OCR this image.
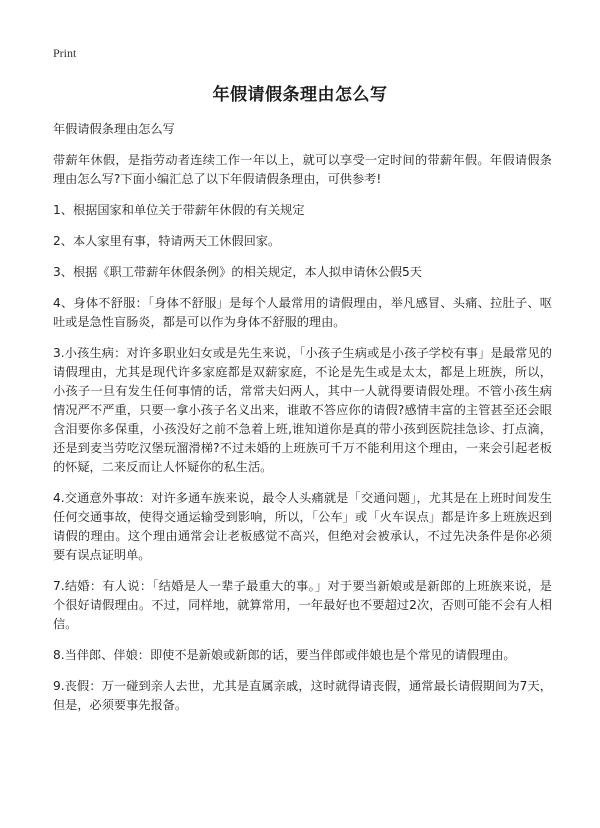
Print
年假请假条理由怎么写

年假请假条理由怎么写

带薪年休假，是指劳动者连续工作一年以上，就可以享受一定时间的带薪年假。年假请假条理由怎么写?下面小编汇总了以下年假请假条理由，可供参考!

1、根据国家和单位关于带薪年休假的有关规定

2、本人家里有事，特请两天工休假回家。

3、根据《职工带薪年休假条例》的相关规定，本人拟申请休公假5天

4、身体不舒服：「身体不舒服」是每个人最常用的请假理由，举凡感冒、头痛、拉肚子、呕吐或是急性盲肠炎，都是可以作为身体不舒服的理由。

3.小孩生病：对许多职业妇女或是先生来说，「小孩子生病或是小孩子学校有事」是最常见的请假理由，尤其是现代许多家庭都是双薪家庭，不论是先生或是太太，都是上班族，所以，小孩子一旦有发生任何事情的话，常常夫妇两人，其中一人就得要请假处理。不管小孩生病情况严不严重，只要一拿小孩子名义出来，谁敢不答应你的请假?感情丰富的主管甚至还会眼含泪要你多保重，小孩没好之前不急着上班,谁知道你是真的带小孩到医院挂急诊、打点滴，还是到麦当劳吃汉堡玩溜滑梯?不过未婚的上班族可千万不能利用这个理由，一来会引起老板的怀疑，二来反而让人怀疑你的私生活。

4.交通意外事故：对许多通车族来说，最令人头痛就是「交通问题」，尤其是在上班时间发生任何交通事故，使得交通运输受到影响，所以，「公车」或「火车误点」都是许多上班族迟到请假的理由。这个理由通常会让老板感觉不高兴，但绝对会被承认，不过先决条件是你必须要有误点证明单。

7.结婚：有人说：「结婚是人一辈子最重大的事。」对于要当新娘或是新郎的上班族来说，是个很好请假理由。不过，同样地，就算常用，一年最好也不要超过2次，否则可能不会有人相信。

8.当伴郎、伴娘：即使不是新娘或新郎的话，要当伴郎或伴娘也是个常见的请假理由。

9.丧假：万一碰到亲人去世，尤其是直属亲戚，这时就得请丧假，通常最长请假期间为7天，但是，必须要事先报备。
